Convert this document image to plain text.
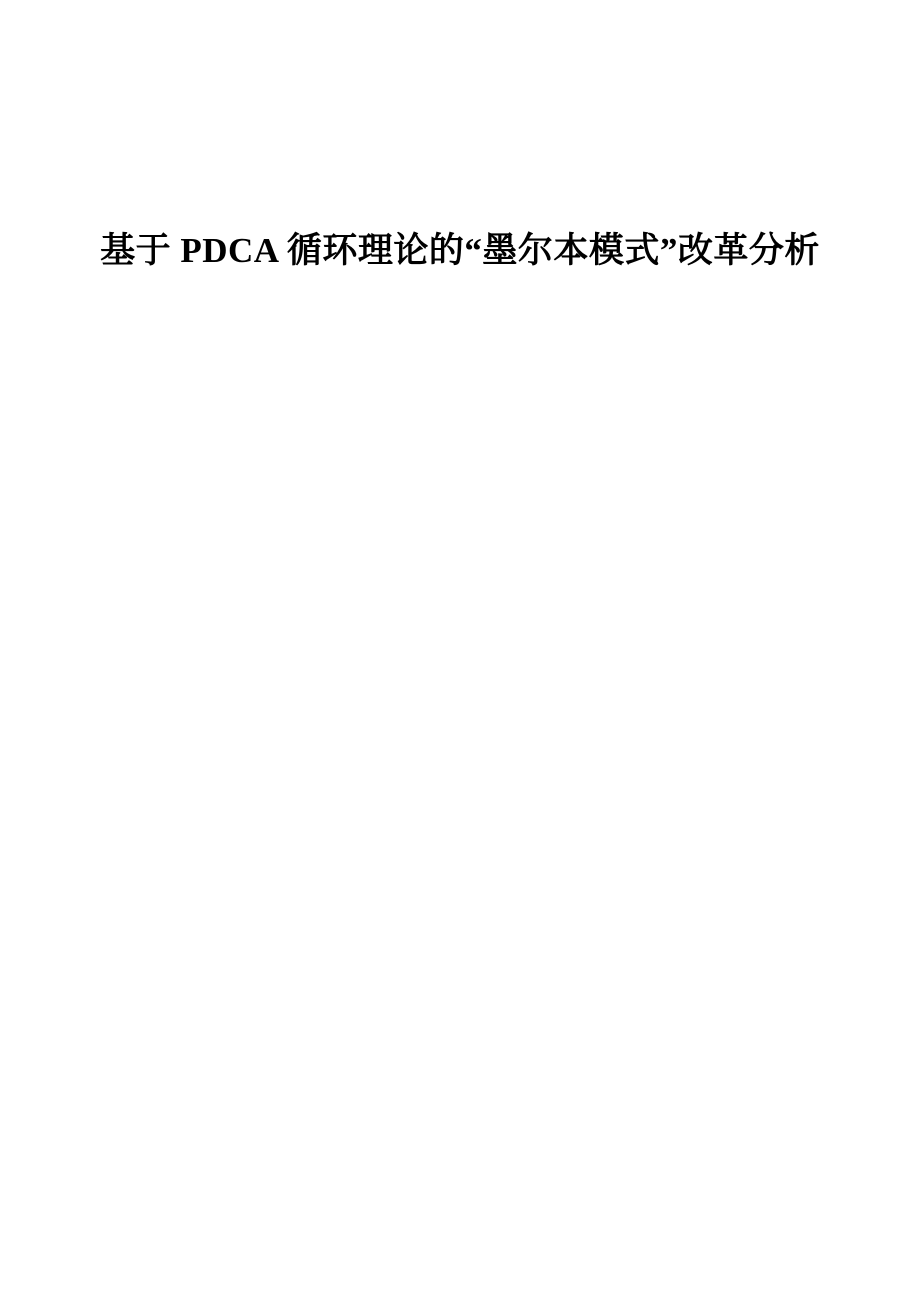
基于 PDCA 循环理论的“墨尔本模式”改革分析
